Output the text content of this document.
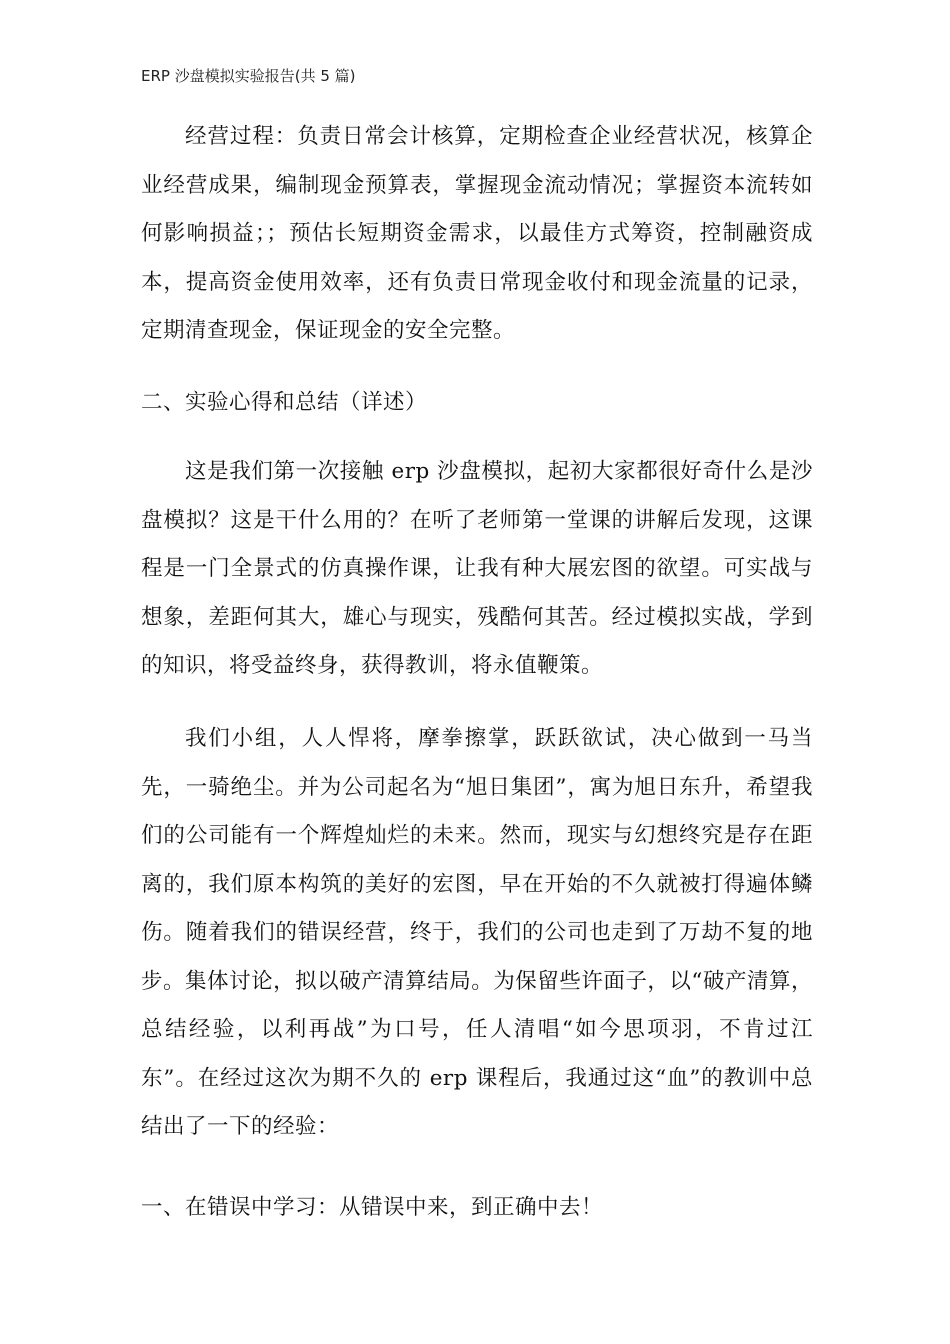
ERP 沙盘模拟实验报告(共 5 篇)
经营过程：负责日常会计核算，定期检查企业经营状况，核算企业经营成果，编制现金预算表，掌握现金流动情况；掌握资本流转如何影响损益；；预估长短期资金需求，以最佳方式筹资，控制融资成本，提高资金使用效率，还有负责日常现金收付和现金流量的记录，定期清查现金，保证现金的安全完整。
二、实验心得和总结（详述）
这是我们第一次接触 erp 沙盘模拟，起初大家都很好奇什么是沙盘模拟？这是干什么用的？在听了老师第一堂课的讲解后发现，这课程是一门全景式的仿真操作课，让我有种大展宏图的欲望。可实战与想象，差距何其大，雄心与现实，残酷何其苦。经过模拟实战，学到的知识，将受益终身，获得教训，将永值鞭策。
我们小组，人人悍将，摩拳擦掌，跃跃欲试，决心做到一马当先，一骑绝尘。并为公司起名为“旭日集团”，寓为旭日东升，希望我们的公司能有一个辉煌灿烂的未来。然而，现实与幻想终究是存在距离的，我们原本构筑的美好的宏图，早在开始的不久就被打得遍体鳞伤。随着我们的错误经营，终于，我们的公司也走到了万劫不复的地步。集体讨论，拟以破产清算结局。为保留些许面子，以“破产清算，总结经验，以利再战”为口号，任人清唱“如今思项羽，不肯过江东”。在经过这次为期不久的 erp 课程后，我通过这“血”的教训中总结出了一下的经验：
一、在错误中学习：从错误中来，到正确中去！
